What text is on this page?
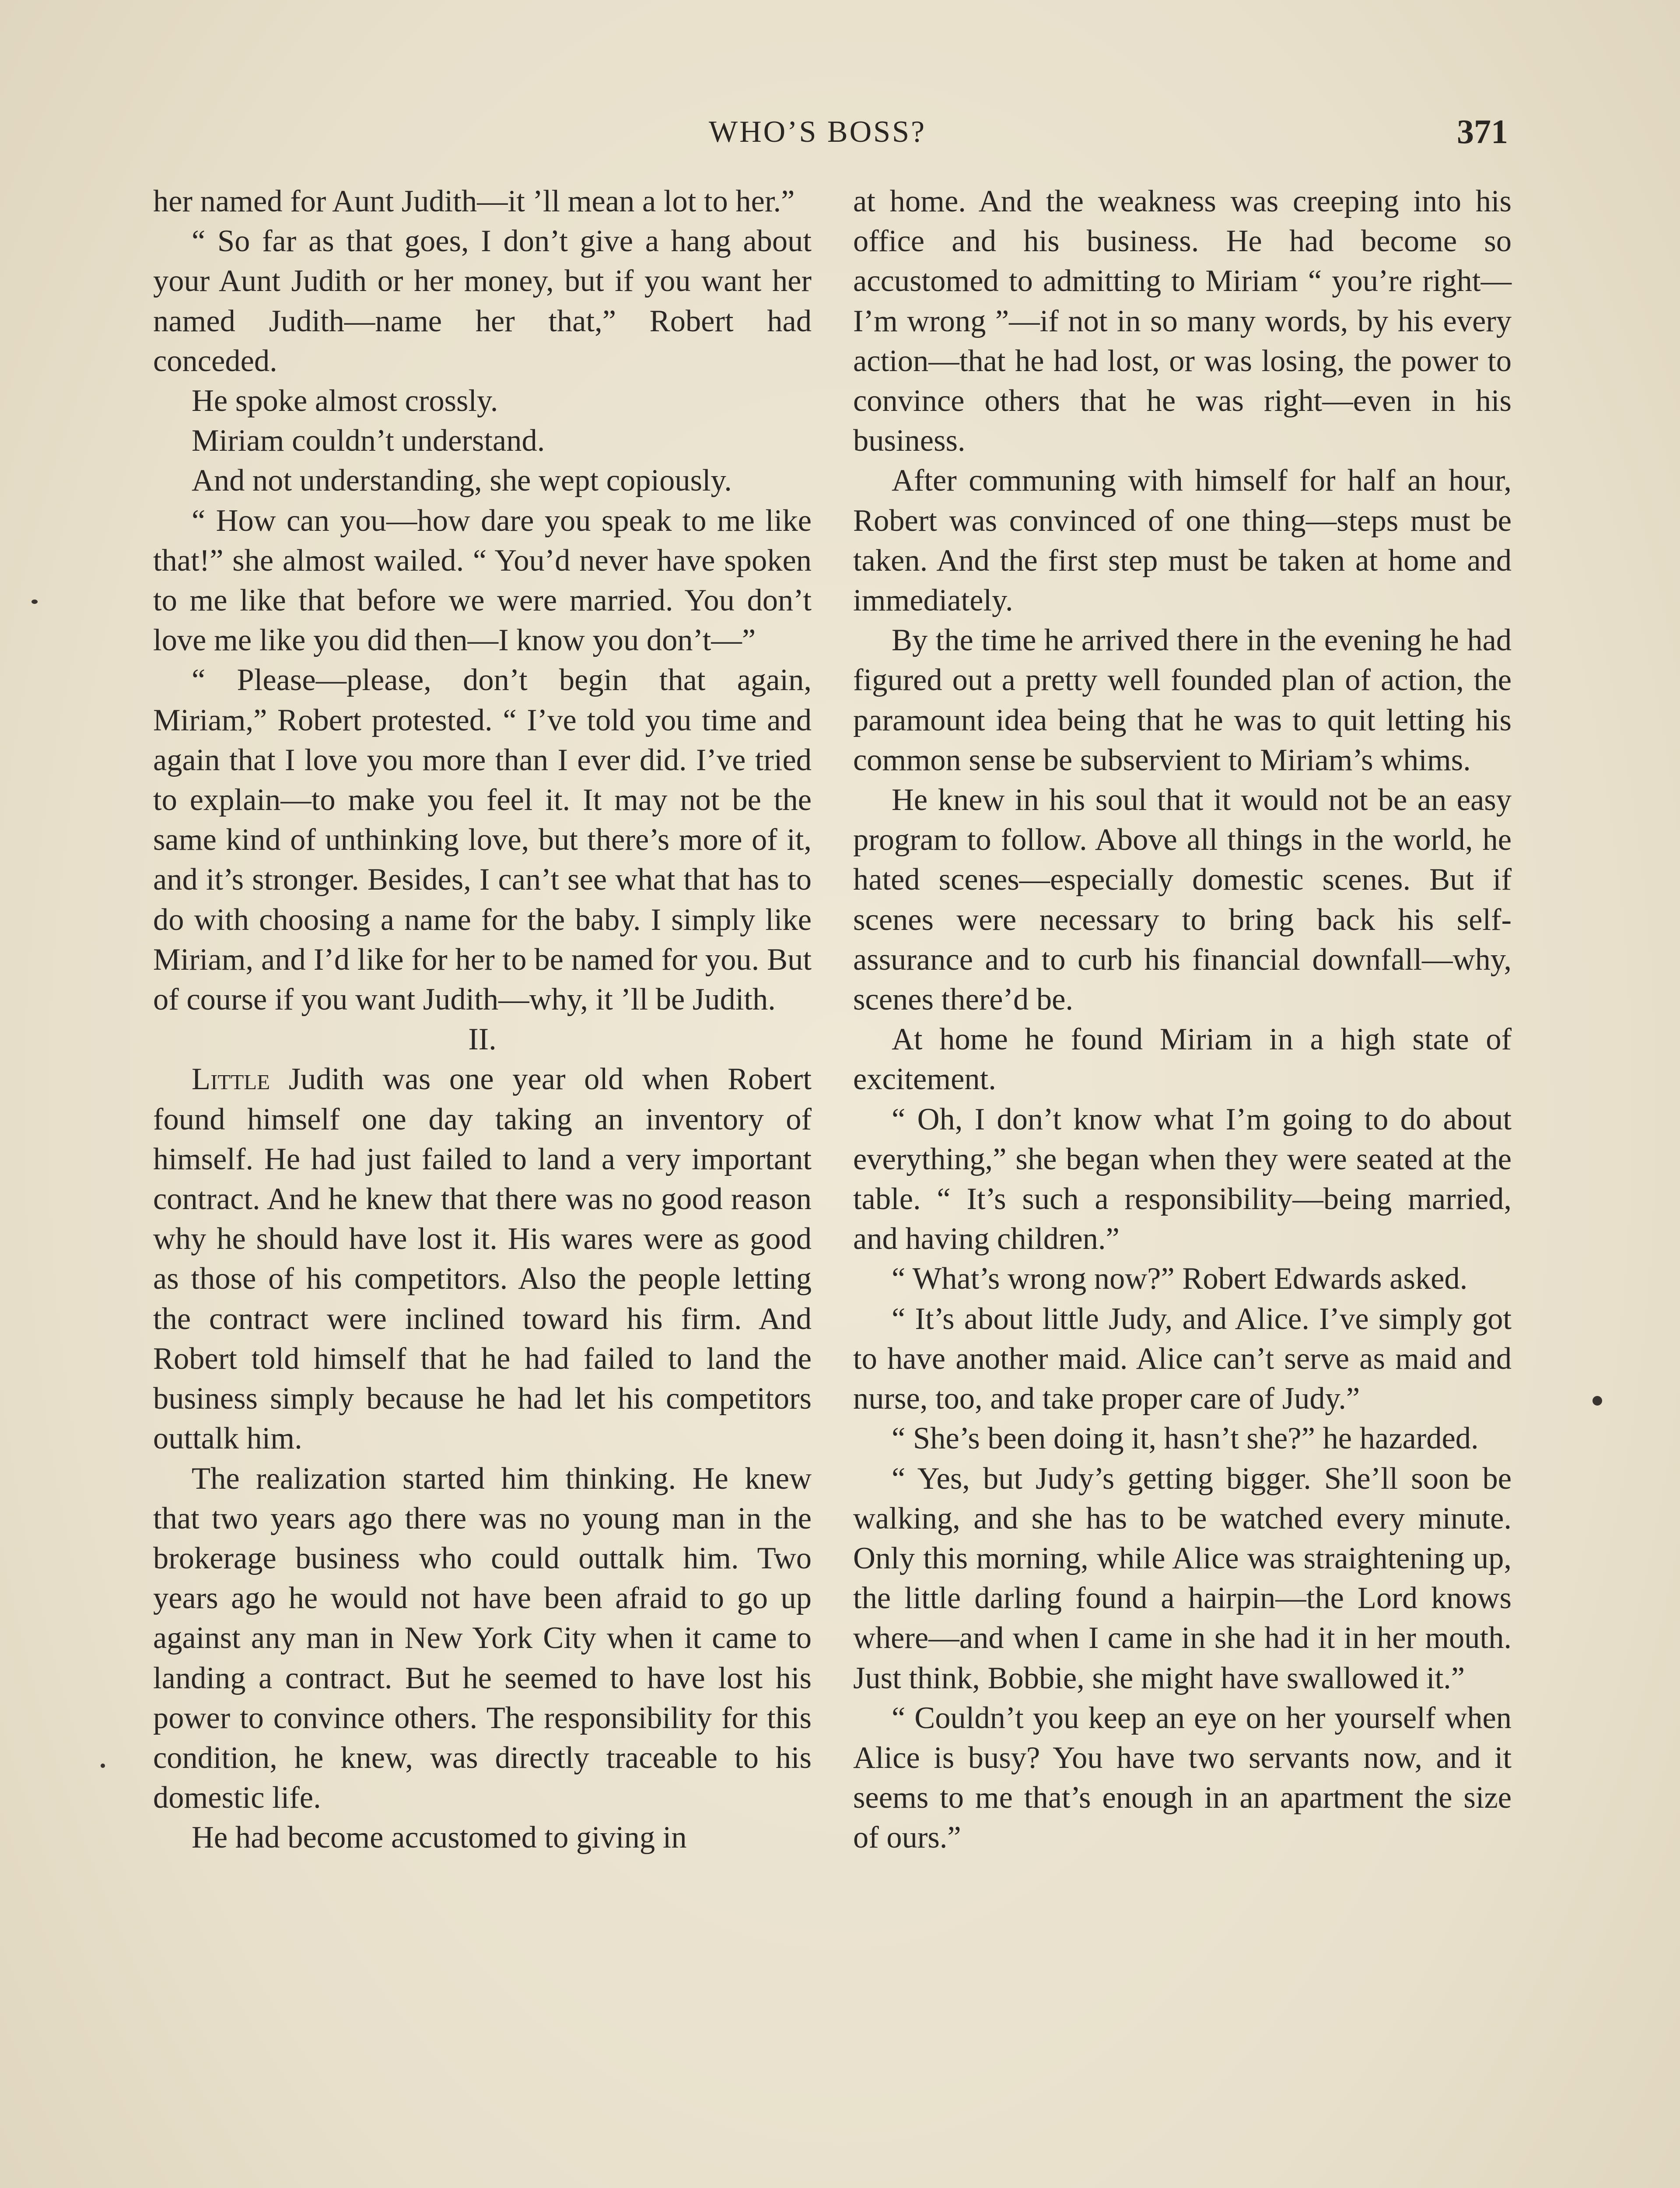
WHO’S BOSS?	371

her named for Aunt Judith—it ’ll mean a lot to her.”

“ So far as that goes, I don’t give a hang about your Aunt Judith or her money, but if you want her named Judith—name her that,” Robert had conceded.

He spoke almost crossly.

Miriam couldn’t understand.

And not understanding, she wept copiously.

“ How can you—how dare you speak to me like that!” she almost wailed. “ You’d never have spoken to me like that before we were married. You don’t love me like you did then—I know you don’t—”

“ Please—please, don’t begin that again, Miriam,” Robert protested. “ I’ve told you time and again that I love you more than I ever did. I’ve tried to explain—to make you feel it. It may not be the same kind of unthinking love, but there’s more of it, and it’s stronger. Besides, I can’t see what that has to do with choosing a name for the baby. I simply like Miriam, and I’d like for her to be named for you. But of course if you want Judith—why, it ’ll be Judith.

II.

Little Judith was one year old when Robert found himself one day taking an inventory of himself. He had just failed to land a very important contract. And he knew that there was no good reason why he should have lost it. His wares were as good as those of his competitors. Also the people letting the contract were inclined toward his firm. And Robert told himself that he had failed to land the business simply because he had let his competitors outtalk him.

The realization started him thinking. He knew that two years ago there was no young man in the brokerage business who could outtalk him. Two years ago he would not have been afraid to go up against any man in New York City when it came to landing a contract. But he seemed to have lost his power to convince others. The responsibility for this condition, he knew, was directly traceable to his domestic life.

He had become accustomed to giving in

at home. And the weakness was creeping into his office and his business. He had become so accustomed to admitting to Miriam “ you’re right—I’m wrong ”—if not in so many words, by his every action—that he had lost, or was losing, the power to convince others that he was right—even in his business.

After communing with himself for half an hour, Robert was convinced of one thing—steps must be taken. And the first step must be taken at home and immediately.

By the time he arrived there in the evening he had figured out a pretty well founded plan of action, the paramount idea being that he was to quit letting his common sense be subservient to Miriam’s whims.

He knew in his soul that it would not be an easy program to follow. Above all things in the world, he hated scenes—especially domestic scenes. But if scenes were necessary to bring back his self-assurance and to curb his financial downfall—why, scenes there’d be.

At home he found Miriam in a high state of excitement.

“ Oh, I don’t know what I’m going to do about everything,” she began when they were seated at the table. “ It’s such a responsibility—being married, and having children.”

“ What’s wrong now?” Robert Edwards asked.

“ It’s about little Judy, and Alice. I’ve simply got to have another maid. Alice can’t serve as maid and nurse, too, and take proper care of Judy.”

“ She’s been doing it, hasn’t she?” he hazarded.

“ Yes, but Judy’s getting bigger. She’ll soon be walking, and she has to be watched every minute. Only this morning, while Alice was straightening up, the little darling found a hairpin—the Lord knows where—and when I came in she had it in her mouth. Just think, Bobbie, she might have swallowed it.”

“ Couldn’t you keep an eye on her yourself when Alice is busy? You have two servants now, and it seems to me that’s enough in an apartment the size of ours.”
